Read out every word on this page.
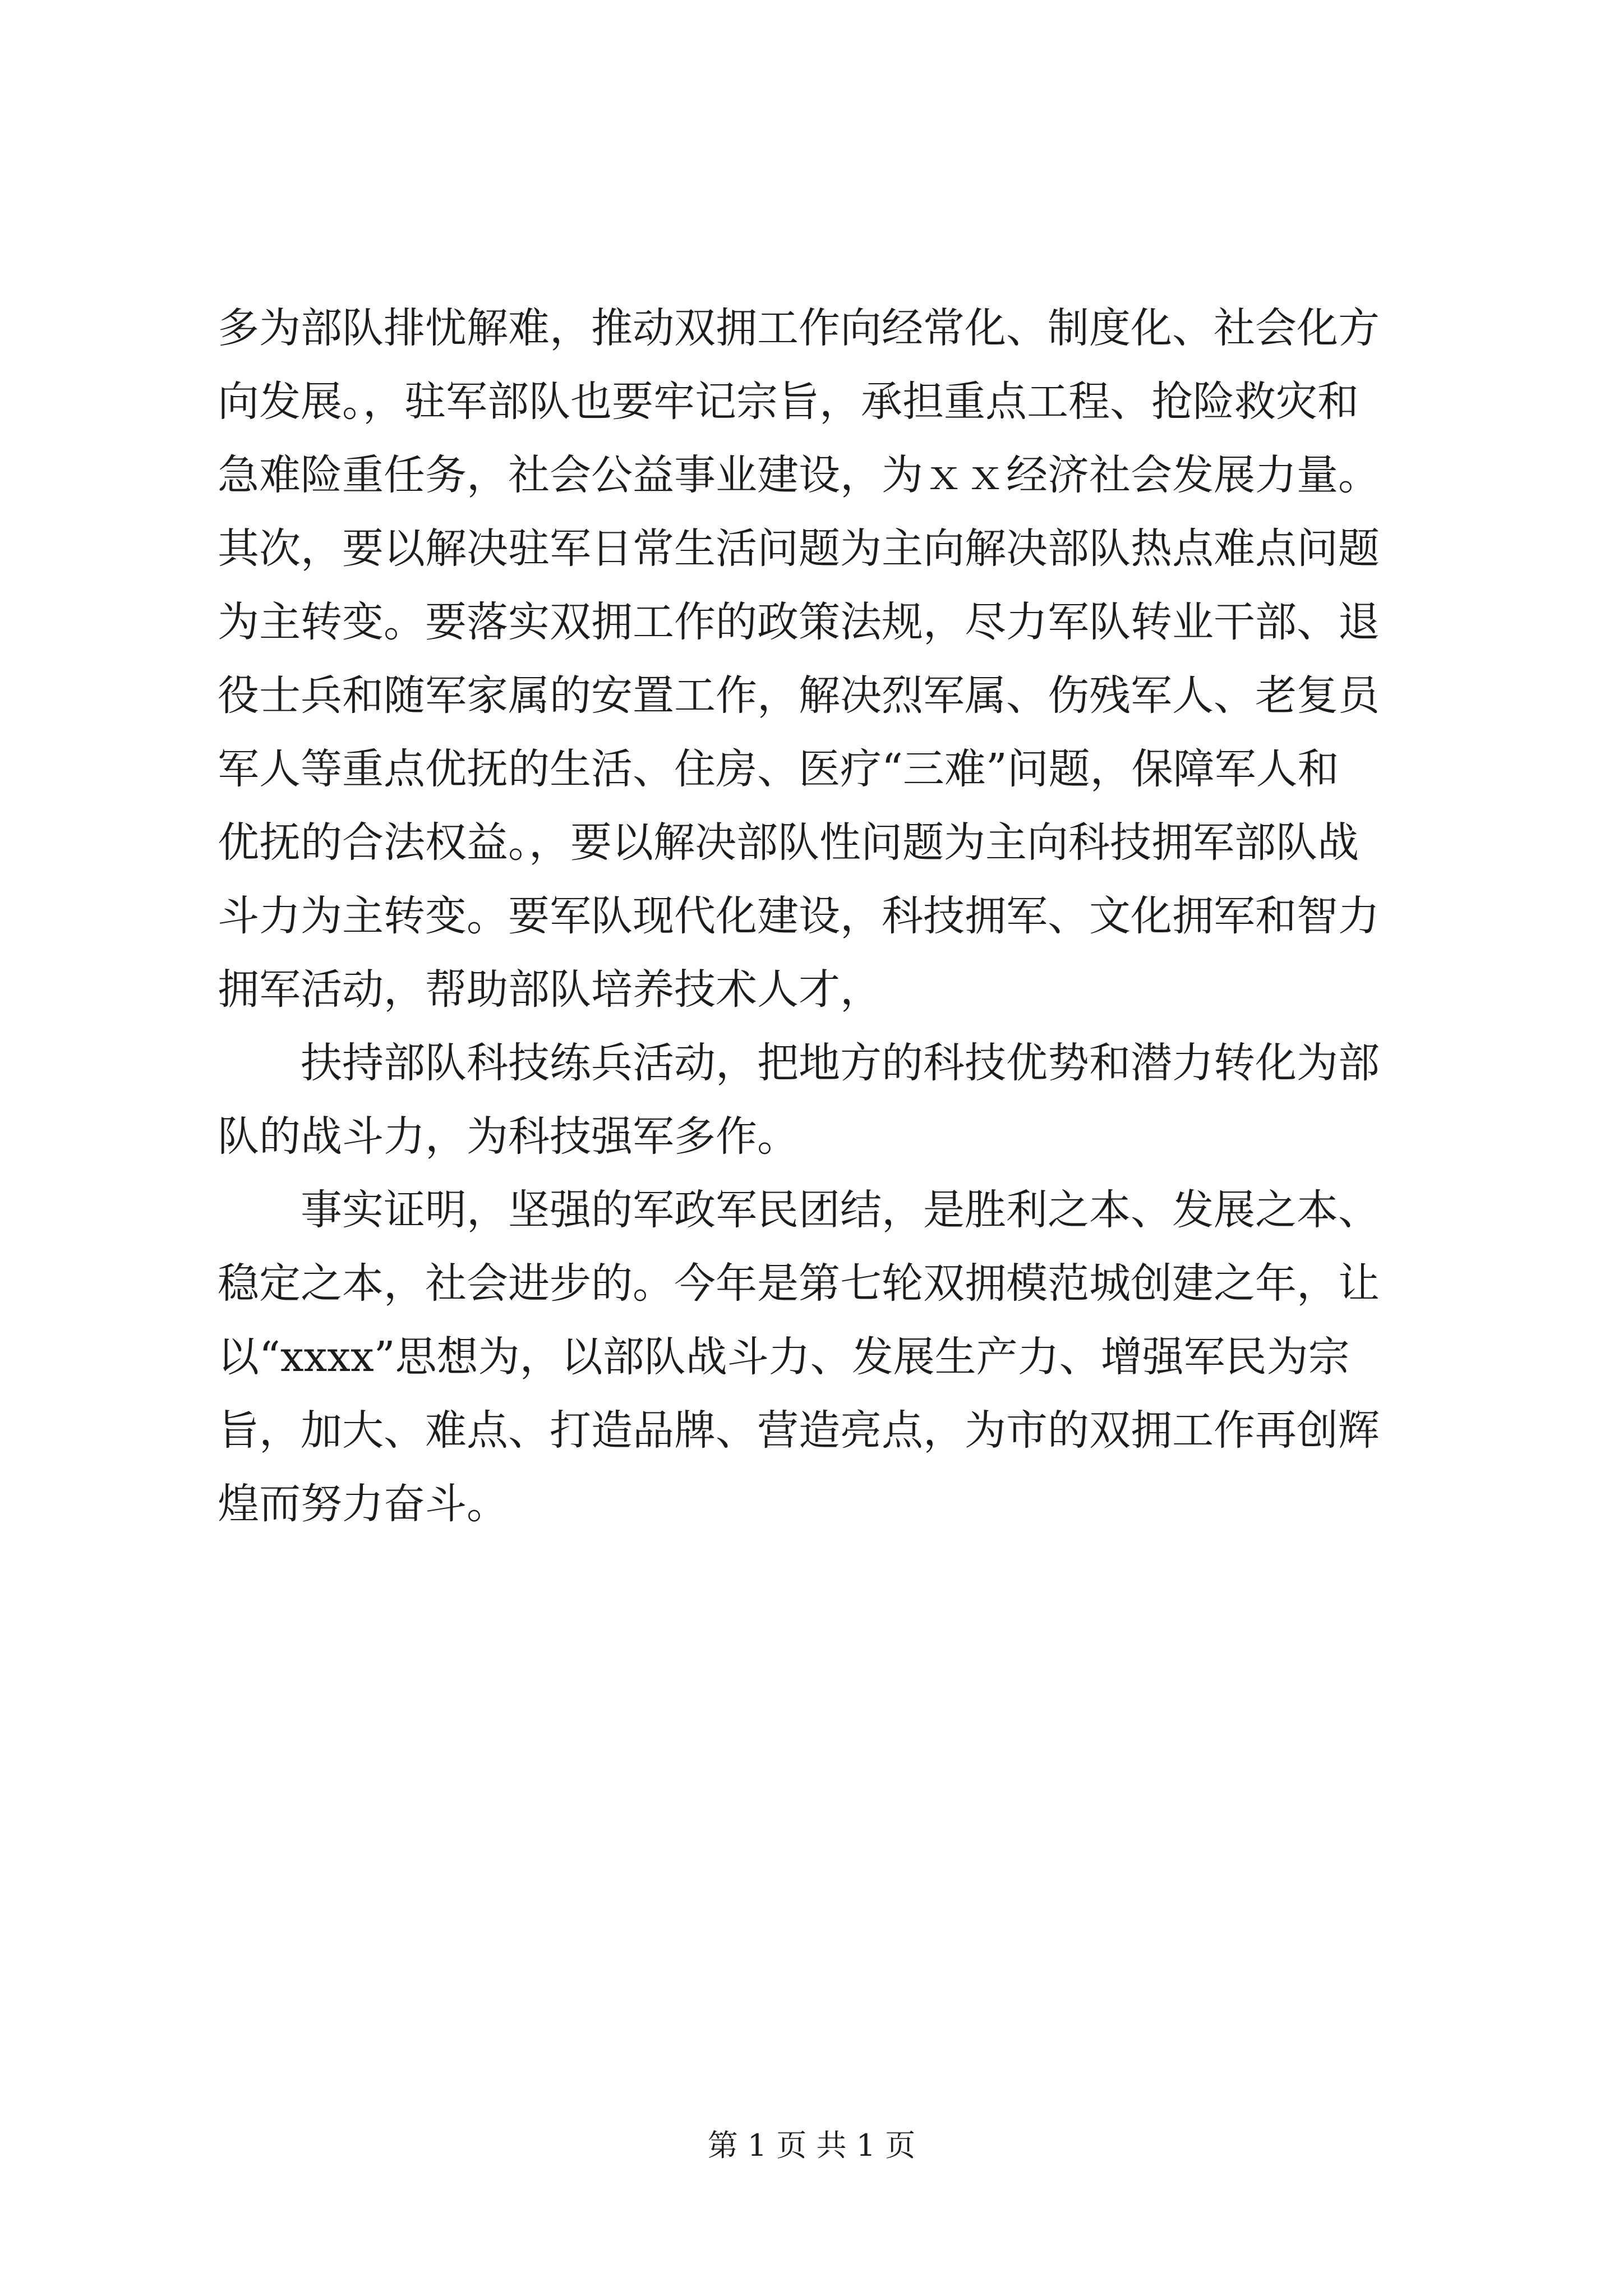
多为部队排忧解难，推动双拥工作向经常化、制度化、社会化方
向发展。，驻军部队也要牢记宗旨，承担重点工程、抢险救灾和
急难险重任务，社会公益事业建设，为ｘｘ经济社会发展力量。
其次，要以解决驻军日常生活问题为主向解决部队热点难点问题
为主转变。要落实双拥工作的政策法规，尽力军队转业干部、退
役士兵和随军家属的安置工作，解决烈军属、伤残军人、老复员
军人等重点优抚的生活、住房、医疗“三难”问题，保障军人和
优抚的合法权益。，要以解决部队性问题为主向科技拥军部队战
斗力为主转变。要军队现代化建设，科技拥军、文化拥军和智力
拥军活动，帮助部队培养技术人才，
扶持部队科技练兵活动，把地方的科技优势和潜力转化为部
队的战斗力，为科技强军多作。
事实证明，坚强的军政军民团结，是胜利之本、发展之本、
稳定之本，社会进步的。今年是第七轮双拥模范城创建之年，让
以“xxxx”思想为，以部队战斗力、发展生产力、增强军民为宗
旨，加大、难点、打造品牌、营造亮点，为市的双拥工作再创辉
煌而努力奋斗。
第 1 页 共 1 页
